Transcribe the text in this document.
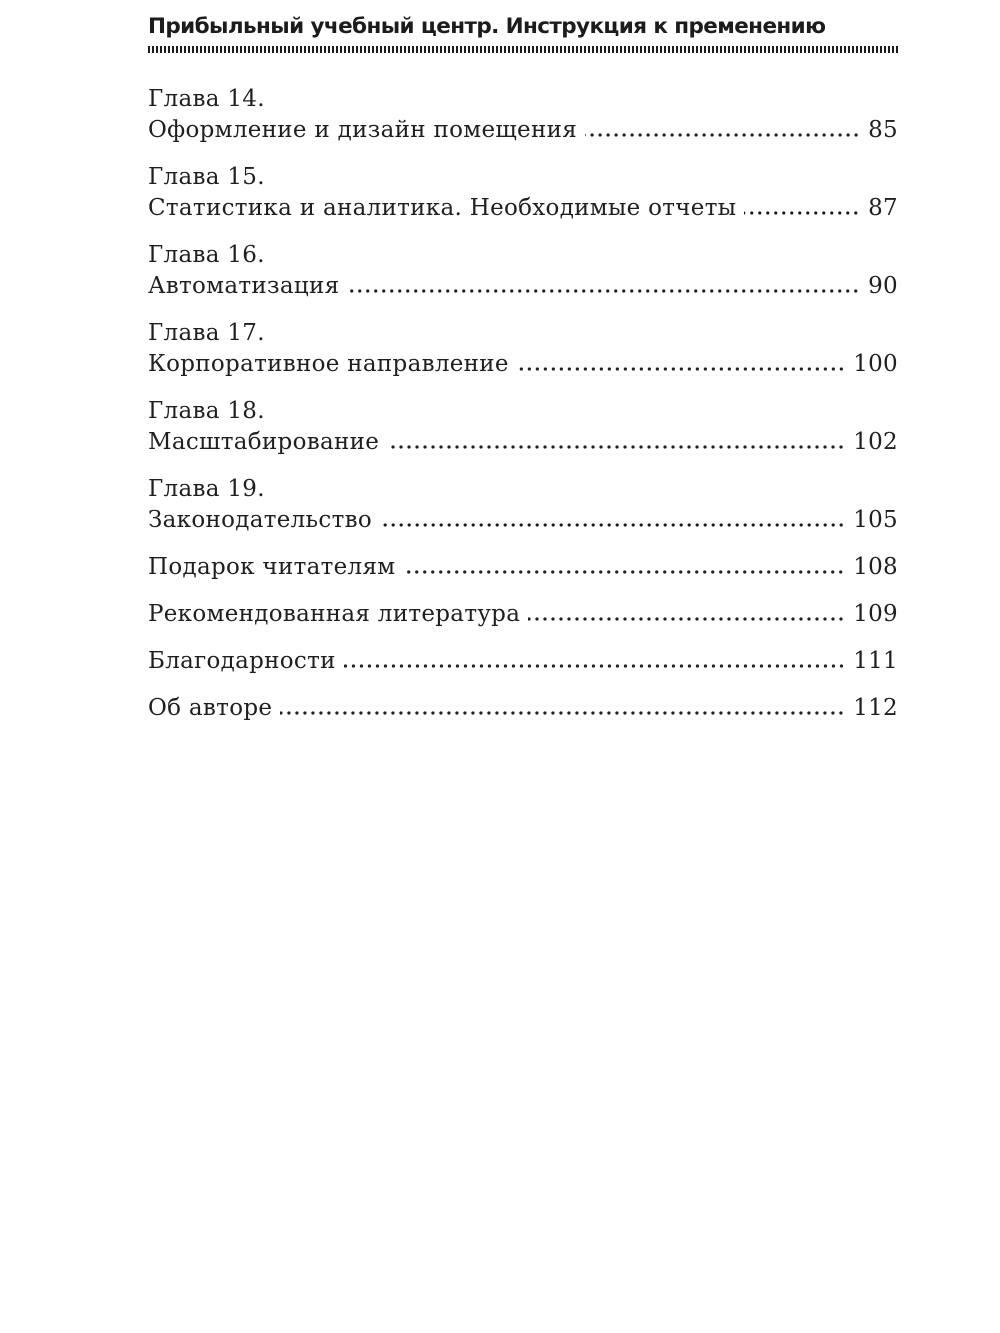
Прибыльный учебный центр. Инструкция к пременению
Глава 14.
Оформление и дизайн помещения	85
Глава 15.
Статистика и аналитика. Необходимые отчеты	87
Глава 16.
Автоматизация	90
Глава 17.
Корпоративное направление	100
Глава 18.
Масштабирование	102
Глава 19.
Законодательство	105
Подарок читателям	108
Рекомендованная литература	109
Благодарности	111
Об авторе	112
